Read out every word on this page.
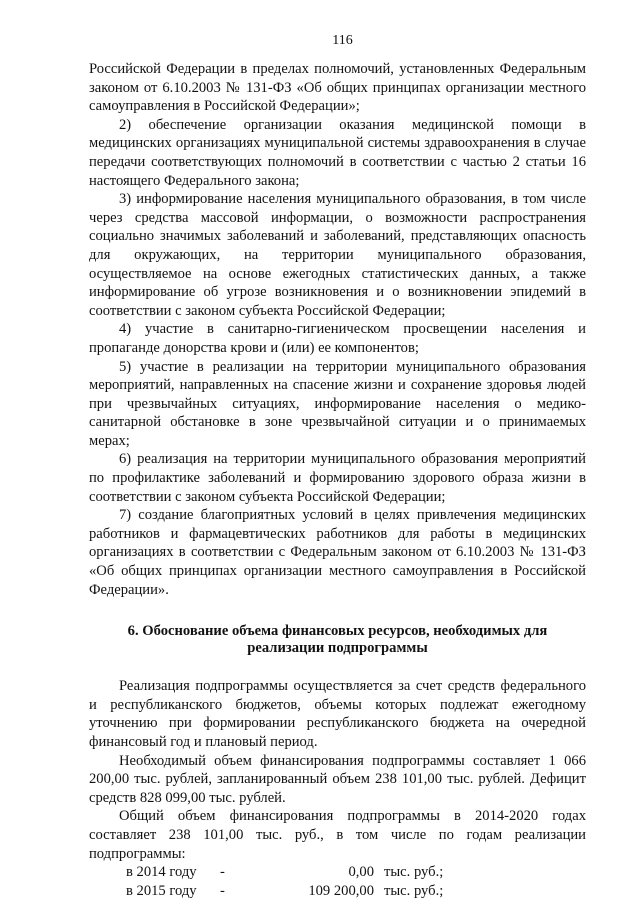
116

Российской Федерации в пределах полномочий, установленных Федеральным законом от 6.10.2003 № 131-ФЗ «Об общих принципах организации местного самоуправления в Российской Федерации»;

2) обеспечение организации оказания медицинской помощи в медицинских организациях муниципальной системы здравоохранения в случае передачи соответствующих полномочий в соответствии с частью 2 статьи 16 настоящего Федерального закона;

3) информирование населения муниципального образования, в том числе через средства массовой информации, о возможности распространения социально значимых заболеваний и заболеваний, представляющих опасность для окружающих, на территории муниципального образования, осуществляемое на основе ежегодных статистических данных, а также информирование об угрозе возникновения и о возникновении эпидемий в соответствии с законом субъекта Российской Федерации;

4) участие в санитарно-гигиеническом просвещении населения и пропаганде донорства крови и (или) ее компонентов;

5) участие в реализации на территории муниципального образования мероприятий, направленных на спасение жизни и сохранение здоровья людей при чрезвычайных ситуациях, информирование населения о медико-санитарной обстановке в зоне чрезвычайной ситуации и о принимаемых мерах;

6) реализация на территории муниципального образования мероприятий по профилактике заболеваний и формированию здорового образа жизни в соответствии с законом субъекта Российской Федерации;

7) создание благоприятных условий в целях привлечения медицинских работников и фармацевтических работников для работы в медицинских организациях в соответствии с Федеральным законом от 6.10.2003 № 131-ФЗ «Об общих принципах организации местного самоуправления в Российской Федерации».

6. Обоснование объема финансовых ресурсов, необходимых для реализации подпрограммы

Реализация подпрограммы осуществляется за счет средств федерального и республиканского бюджетов, объемы которых подлежат ежегодному уточнению при формировании республиканского бюджета на очередной финансовый год и плановый период.

Необходимый объем финансирования подпрограммы составляет 1 066 200,00 тыс. рублей, запланированный объем 238 101,00 тыс. рублей. Дефицит средств 828 099,00 тыс. рублей.

Общий объем финансирования подпрограммы в 2014-2020 годах составляет 238 101,00 тыс. руб., в том числе по годам реализации подпрограммы:

в 2014 году	-	0,00 тыс. руб.;
в 2015 году	-	109 200,00 тыс. руб.;
